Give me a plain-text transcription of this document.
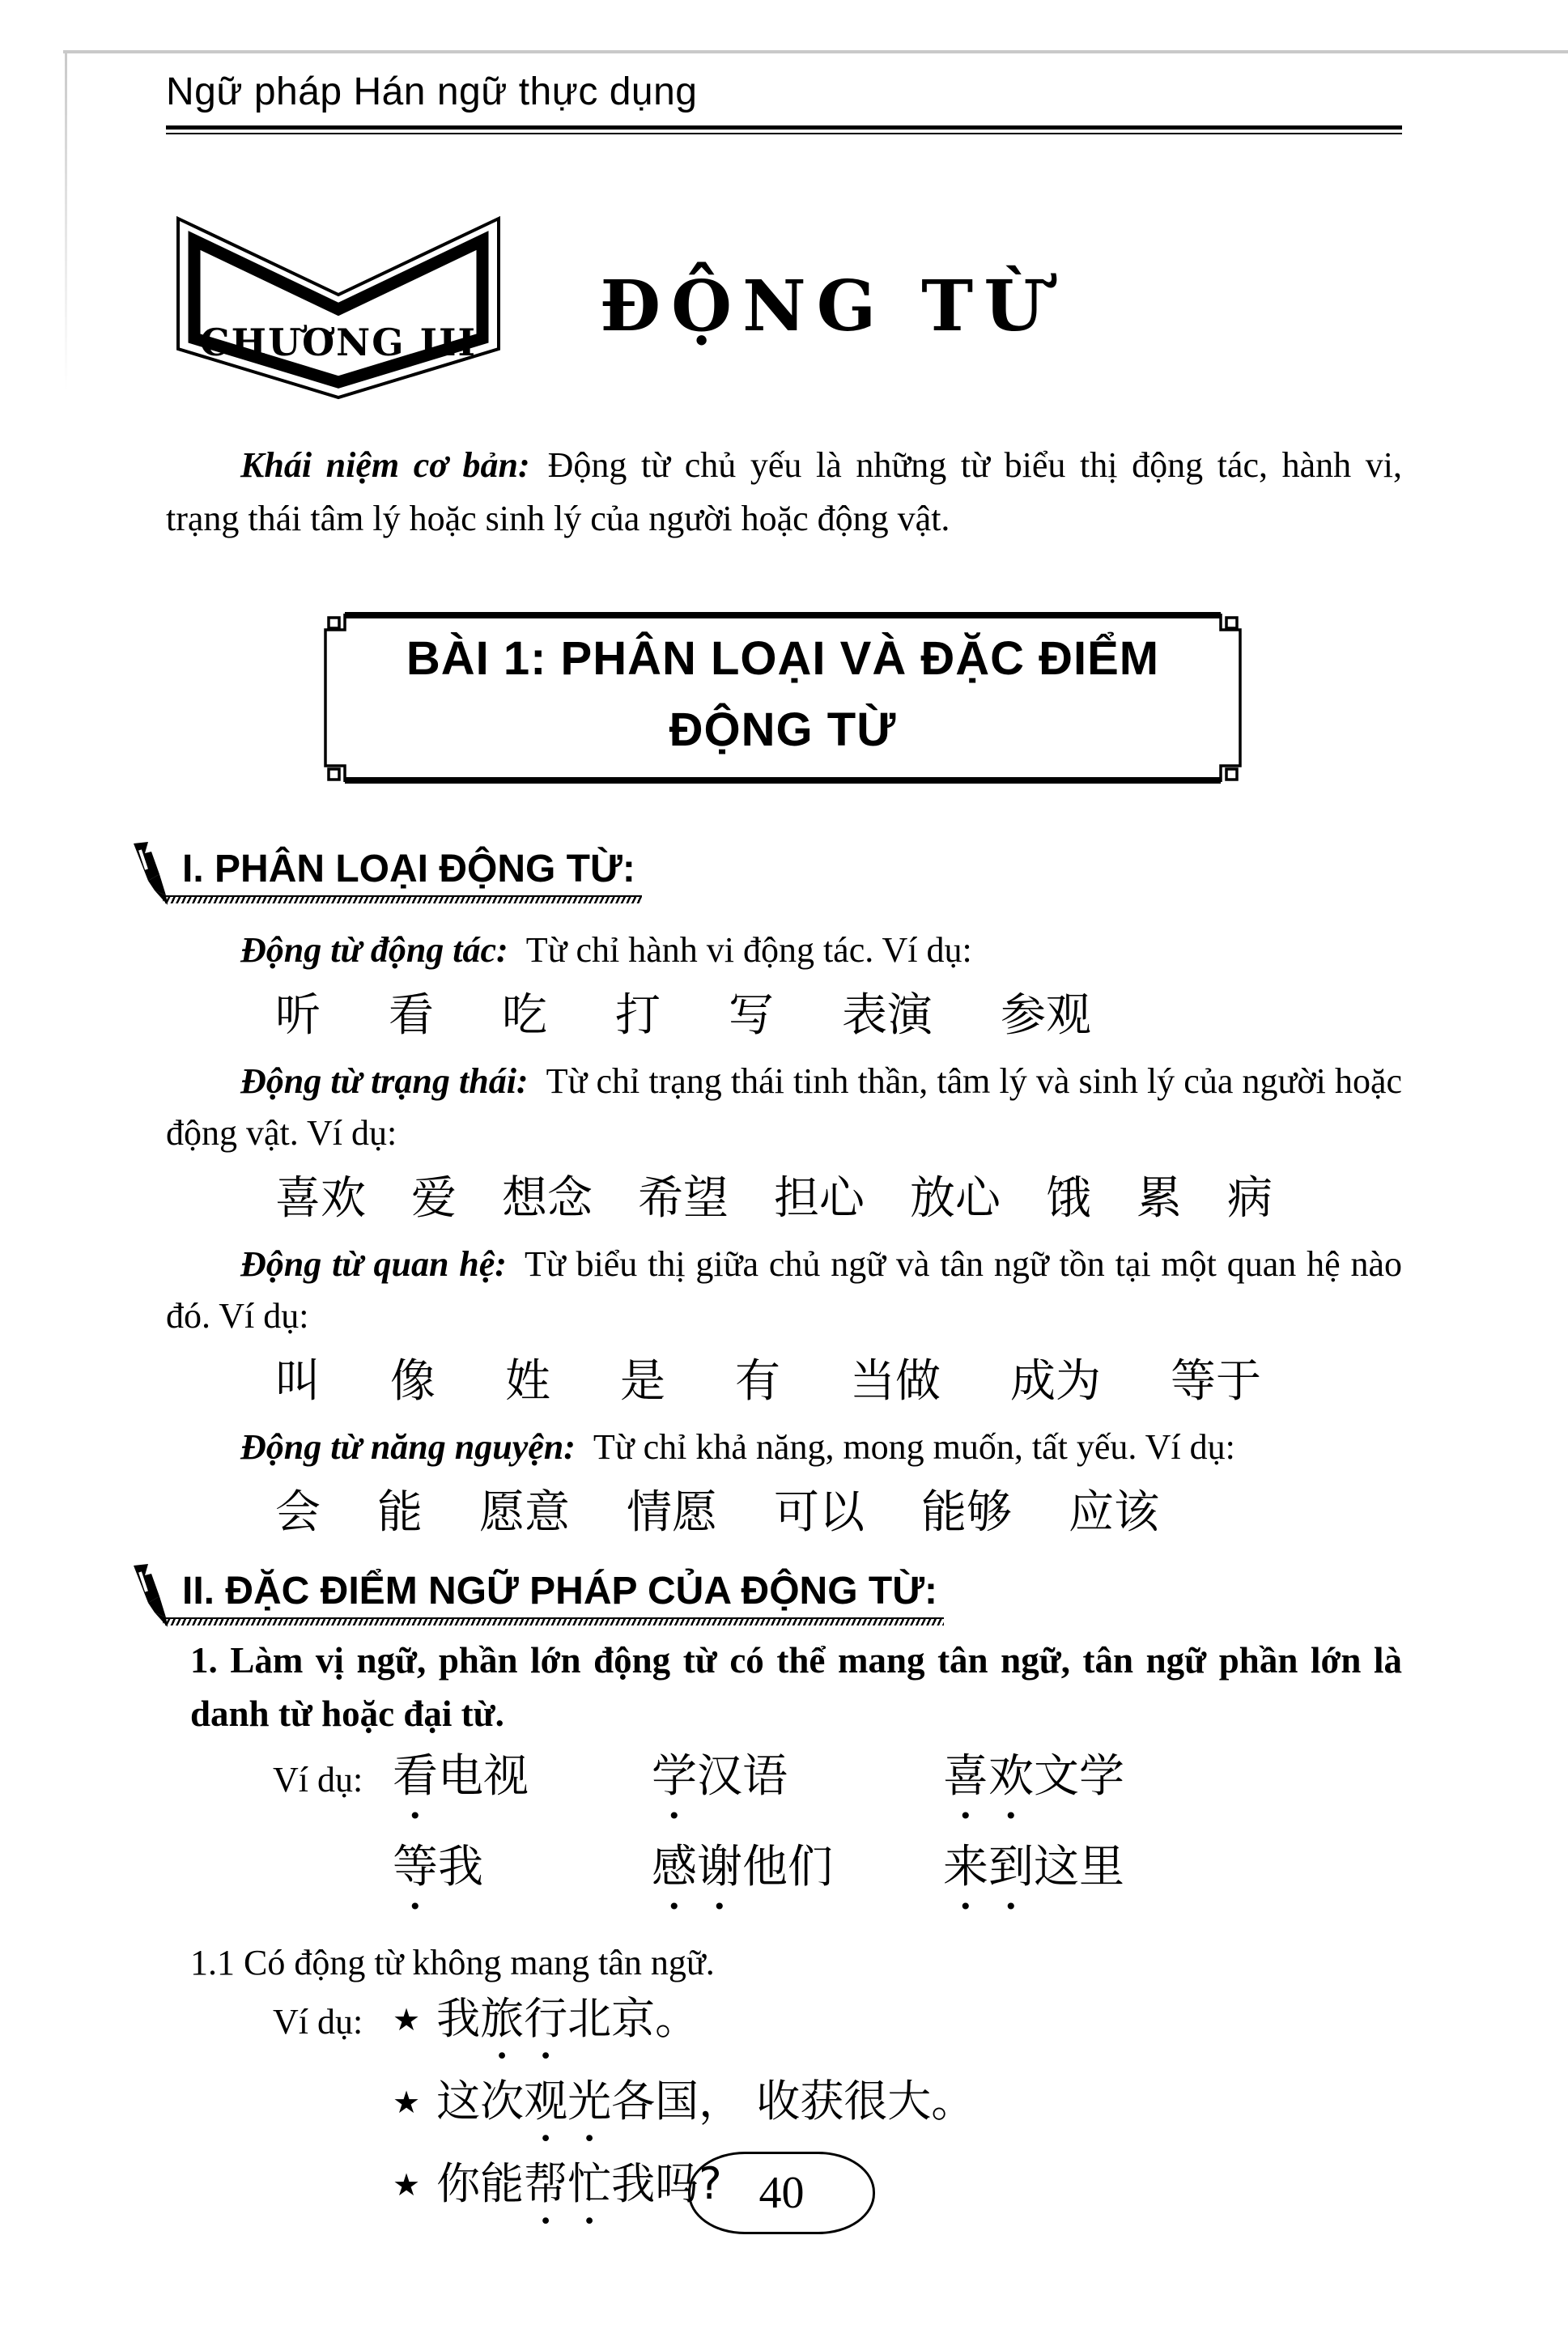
Ngữ pháp Hán ngữ thực dụng
CHƯƠNG III ĐỘNG TỪ

Khái niệm cơ bản: Động từ chủ yếu là những từ biểu thị động tác, hành vi, trạng thái tâm lý hoặc sinh lý của người hoặc động vật.

BÀI 1: PHÂN LOẠI VÀ ĐẶC ĐIỂM
ĐỘNG TỪ
I. PHÂN LOẠI ĐỘNG TỪ:

Động từ động tác: Từ chỉ hành vi động tác. Ví dụ:

听 看 吃 打 写 表演 参观

Động từ trạng thái: Từ chỉ trạng thái tinh thần, tâm lý và sinh lý của người hoặc động vật. Ví dụ:

喜欢 爱 想念 希望 担心 放心 饿 累 病

Động từ quan hệ: Từ biểu thị giữa chủ ngữ và tân ngữ tồn tại một quan hệ nào đó. Ví dụ:

叫 像 姓 是 有 当做 成为 等于

Động từ năng nguyện: Từ chỉ khả năng, mong muốn, tất yếu. Ví dụ:

会 能 愿意 情愿 可以 能够 应该
II. ĐẶC ĐIỂM NGỮ PHÁP CỦA ĐỘNG TỪ:

1. Làm vị ngữ, phần lớn động từ có thể mang tân ngữ, tân ngữ phần lớn là danh từ hoặc đại từ.

Ví dụ: 看电视	学汉语	喜欢文学
等我	感谢他们	来到这里

1.1 Có động từ không mang tân ngữ.

Ví dụ: ★ 我旅行北京。
★ 这次观光各国， 收获很大。
★ 你能帮忙我吗? 40
